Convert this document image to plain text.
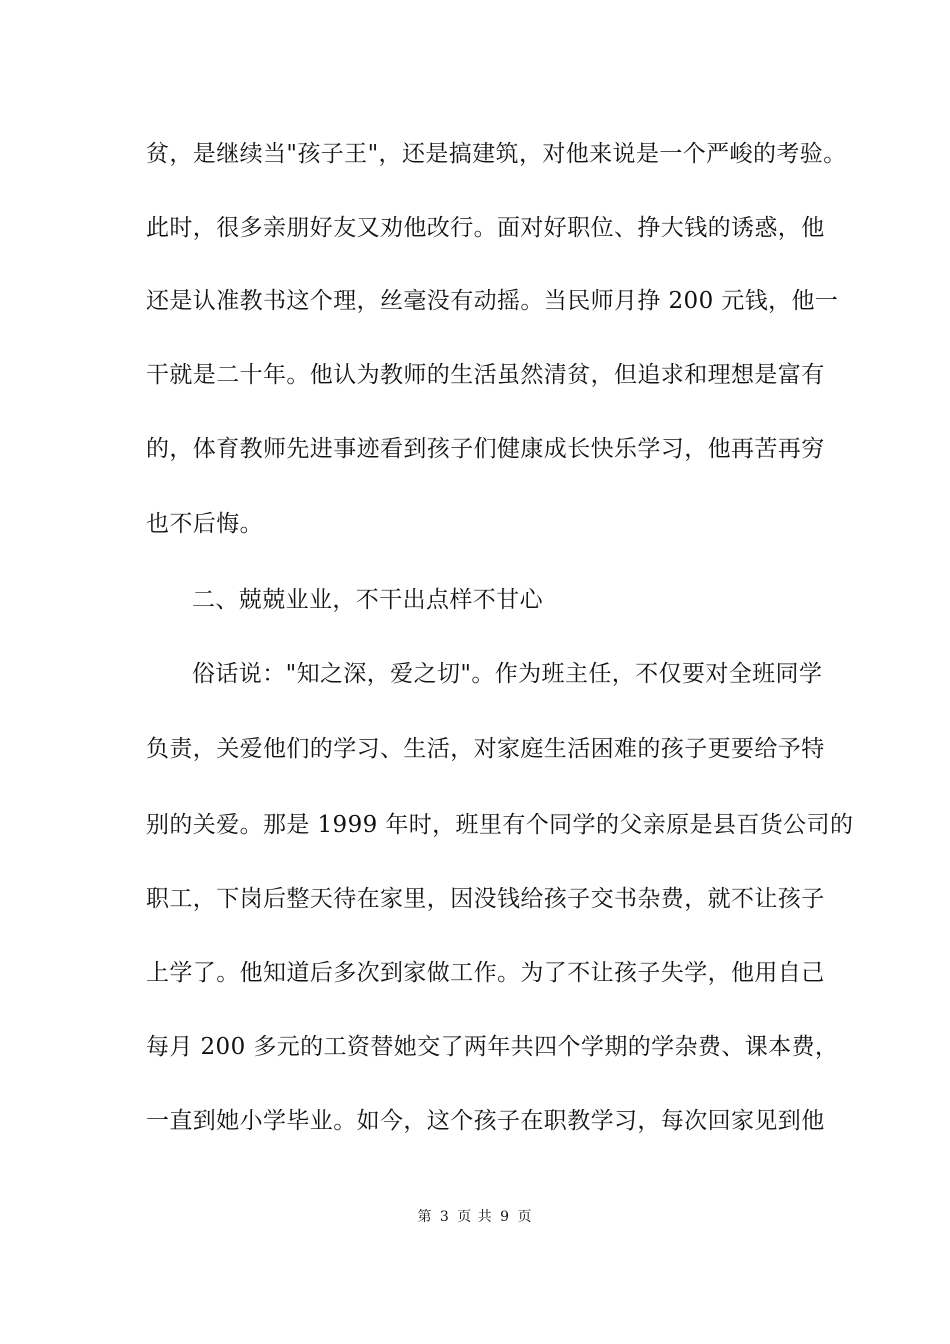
贫，是继续当"孩子王"，还是搞建筑，对他来说是一个严峻的考验。
此时，很多亲朋好友又劝他改行。面对好职位、挣大钱的诱惑，他
还是认准教书这个理，丝毫没有动摇。当民师月挣 200 元钱，他一
干就是二十年。他认为教师的生活虽然清贫，但追求和理想是富有
的，体育教师先进事迹看到孩子们健康成长快乐学习，他再苦再穷
也不后悔。
二、兢兢业业，不干出点样不甘心
俗话说："知之深，爱之切"。作为班主任，不仅要对全班同学
负责，关爱他们的学习、生活，对家庭生活困难的孩子更要给予特
别的关爱。那是 1999 年时，班里有个同学的父亲原是县百货公司的
职工，下岗后整天待在家里，因没钱给孩子交书杂费，就不让孩子
上学了。他知道后多次到家做工作。为了不让孩子失学，他用自己
每月 200 多元的工资替她交了两年共四个学期的学杂费、课本费，
一直到她小学毕业。如今，这个孩子在职教学习，每次回家见到他
第 3 页 共 9 页
